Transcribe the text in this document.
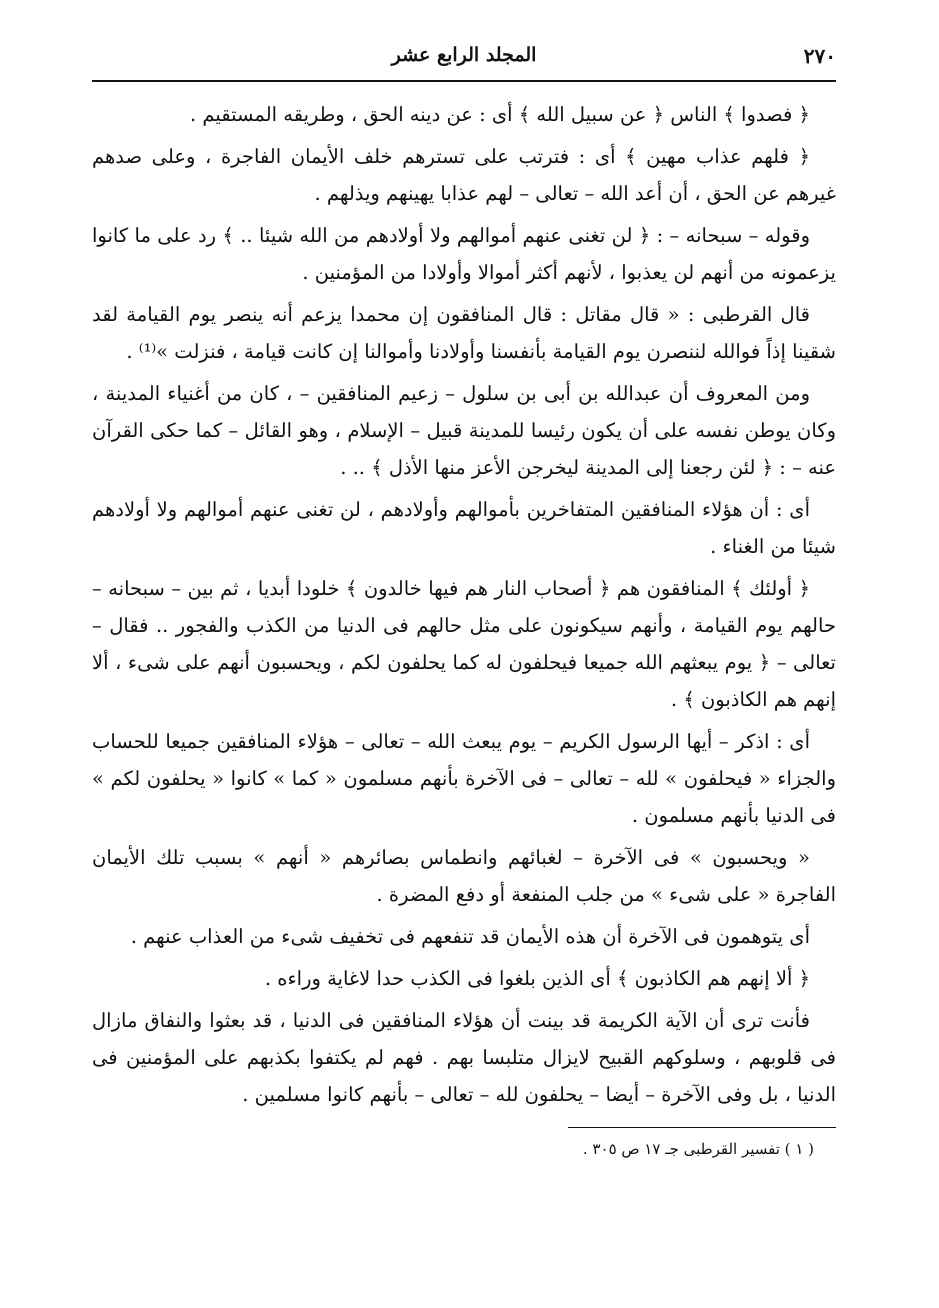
٢٧٠
المجلد الرابع عشر

﴿ فصدوا ﴾ الناس ﴿ عن سبيل الله ﴾ أى : عن دينه الحق ، وطريقه المستقيم .

﴿ فلهم عذاب مهين ﴾ أى : فترتب على تسترهم خلف الأيمان الفاجرة ، وعلى صدهم غيرهم عن الحق ، أن أعد الله – تعالى – لهم عذابا يهينهم ويذلهم .

وقوله – سبحانه – : ﴿ لن تغنى عنهم أموالهم ولا أولادهم من الله شيئا .. ﴾ رد على ما كانوا يزعمونه من أنهم لن يعذبوا ، لأنهم أكثر أموالا وأولادا من المؤمنين .

قال القرطبى : « قال مقاتل : قال المنافقون إن محمدا يزعم أنه ينصر يوم القيامة لقد شقينا إذاً فوالله لننصرن يوم القيامة بأنفسنا وأولادنا وأموالنا إن كانت قيامة ، فنزلت »⁽¹⁾ .

ومن المعروف أن عبدالله بن أبى بن سلول – زعيم المنافقين – ، كان من أغنياء المدينة ، وكان يوطن نفسه على أن يكون رئيسا للمدينة قبيل – الإسلام ، وهو القائل – كما حكى القرآن عنه – : ﴿ لئن رجعنا إلى المدينة ليخرجن الأعز منها الأذل ﴾ .. .

أى : أن هؤلاء المنافقين المتفاخرين بأموالهم وأولادهم ، لن تغنى عنهم أموالهم ولا أولادهم شيئا من الغناء .

﴿ أولئك ﴾ المنافقون هم ﴿ أصحاب النار هم فيها خالدون ﴾ خلودا أبديا ، ثم بين – سبحانه – حالهم يوم القيامة ، وأنهم سيكونون على مثل حالهم فى الدنيا من الكذب والفجور .. فقال – تعالى – ﴿ يوم يبعثهم الله جميعا فيحلفون له كما يحلفون لكم ، ويحسبون أنهم على شىء ، ألا إنهم هم الكاذبون ﴾ .

أى : اذكر – أيها الرسول الكريم – يوم يبعث الله – تعالى – هؤلاء المنافقين جميعا للحساب والجزاء « فيحلفون » لله – تعالى – فى الآخرة بأنهم مسلمون « كما » كانوا « يحلفون لكم » فى الدنيا بأنهم مسلمون .

« ويحسبون » فى الآخرة – لغبائهم وانطماس بصائرهم « أنهم » بسبب تلك الأيمان الفاجرة « على شىء » من جلب المنفعة أو دفع المضرة .

أى يتوهمون فى الآخرة أن هذه الأيمان قد تنفعهم فى تخفيف شىء من العذاب عنهم .

﴿ ألا إنهم هم الكاذبون ﴾ أى الذين بلغوا فى الكذب حدا لاغاية وراءه .

فأنت ترى أن الآية الكريمة قد بينت أن هؤلاء المنافقين فى الدنيا ، قد بعثوا والنفاق مازال فى قلوبهم ، وسلوكهم القبيح لايزال متلبسا بهم . فهم لم يكتفوا بكذبهم على المؤمنين فى الدنيا ، بل وفى الآخرة – أيضا – يحلفون لله – تعالى – بأنهم كانوا مسلمين .

( ١ ) تفسير القرطبى جـ ١٧ ص ٣٠٥ .
